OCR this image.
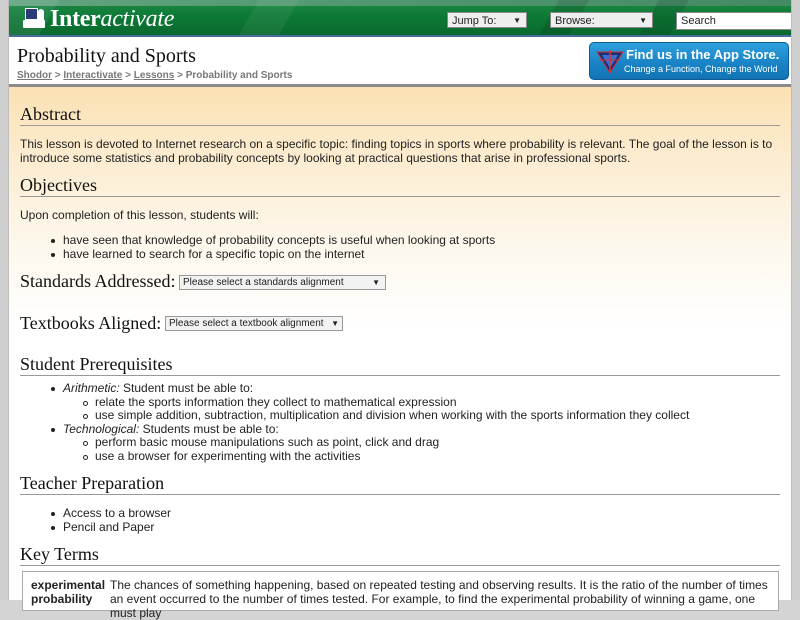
Interactivate	Jump To: ▼	Browse:	▼	Search
Probability and Sports
Shodor > Interactivate > Lessons > Probability and Sports
Find us in the App Store.
Change a Function, Change the World
Abstract
This lesson is devoted to Internet research on a specific topic: finding topics in sports where probability is relevant. The goal of the lesson is to introduce some statistics and probability concepts by looking at practical questions that arise in professional sports.
Objectives
Upon completion of this lesson, students will:
have seen that knowledge of probability concepts is useful when looking at sports
have learned to search for a specific topic on the internet
Standards Addressed: Please select a standards alignment	▼
Textbooks Aligned: Please select a textbook alignment ▼
Student Prerequisites
Arithmetic: Student must be able to:
relate the sports information they collect to mathematical expression
use simple addition, subtraction, multiplication and division when working with the sports information they collect
Technological: Students must be able to:
perform basic mouse manipulations such as point, click and drag
use a browser for experimenting with the activities
Teacher Preparation
Access to a browser
Pencil and Paper
Key Terms
experimental probability
The chances of something happening, based on repeated testing and observing results. It is the ratio of the number of times an event occurred to the number of times tested. For example, to find the experimental probability of winning a game, one must play
